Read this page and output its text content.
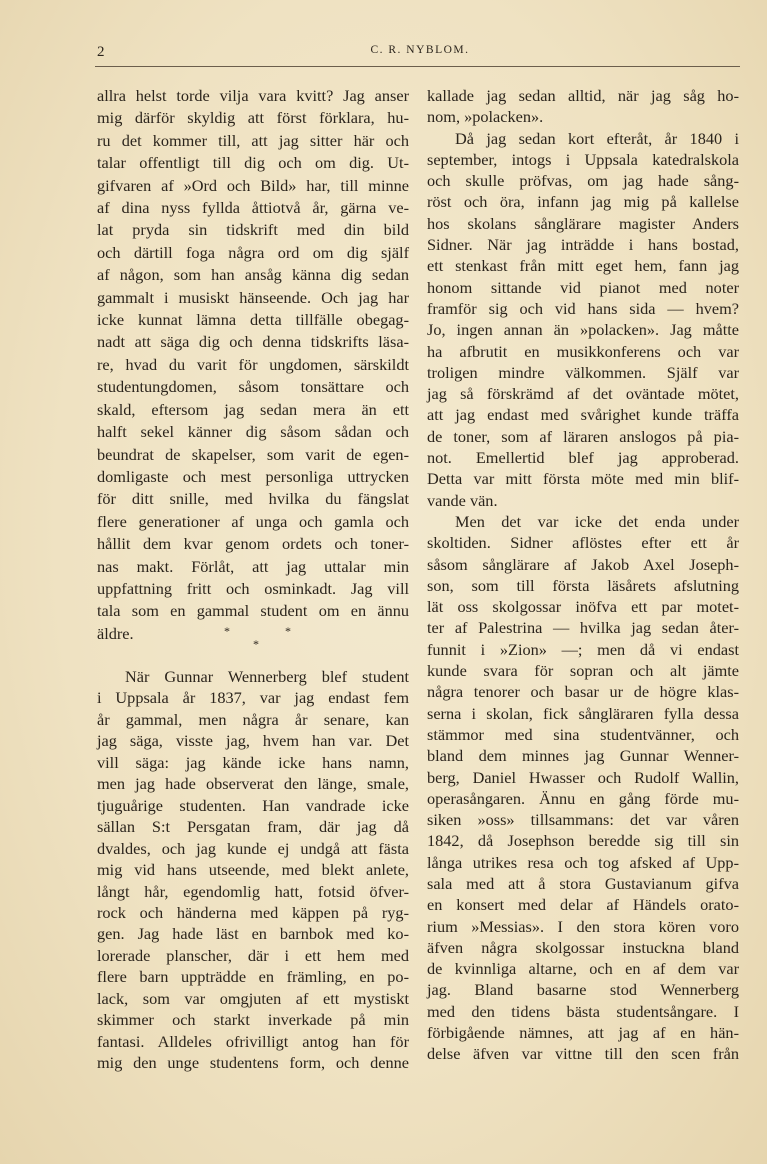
2	C. R. NYBLOM.
allra helst torde vilja vara kvitt? Jag anser
mig därför skyldig att först förklara, hu-
ru det kommer till, att jag sitter här och
talar offentligt till dig och om dig. Ut-
gifvaren af »Ord och Bild» har, till minne
af dina nyss fyllda åttiotvå år, gärna ve-
lat pryda sin tidskrift med din bild
och därtill foga några ord om dig själf
af någon, som han ansåg känna dig sedan
gammalt i musiskt hänseende. Och jag har
icke kunnat lämna detta tillfälle obegag-
nadt att säga dig och denna tidskrifts läsa-
re, hvad du varit för ungdomen, särskildt
studentungdomen, såsom tonsättare och
skald, eftersom jag sedan mera än ett
halft sekel känner dig såsom sådan och
beundrat de skapelser, som varit de egen-
domligaste och mest personliga uttrycken
för ditt snille, med hvilka du fängslat
flere generationer af unga och gamla och
hållit dem kvar genom ordets och toner-
nas makt. Förlåt, att jag uttalar min
uppfattning fritt och osminkadt. Jag vill
tala som en gammal student om en ännu
äldre.	*	*
*
När Gunnar Wennerberg blef student
i Uppsala år 1837, var jag endast fem
år gammal, men några år senare, kan
jag säga, visste jag, hvem han var. Det
vill säga: jag kände icke hans namn,
men jag hade observerat den länge, smale,
tjuguårige studenten. Han vandrade icke
sällan S:t Persgatan fram, där jag då
dvaldes, och jag kunde ej undgå att fästa
mig vid hans utseende, med blekt anlete,
långt hår, egendomlig hatt, fotsid öfver-
rock och händerna med käppen på ryg-
gen. Jag hade läst en barnbok med ko-
lorerade planscher, där i ett hem med
flere barn uppträdde en främling, en po-
lack, som var omgjuten af ett mystiskt
skimmer och starkt inverkade på min
fantasi. Alldeles ofrivilligt antog han för
mig den unge studentens form, och denne
kallade jag sedan alltid, när jag såg ho-
nom, »polacken».
Då jag sedan kort efteråt, år 1840 i
september, intogs i Uppsala katedralskola
och skulle pröfvas, om jag hade sång-
röst och öra, infann jag mig på kallelse
hos skolans sånglärare magister Anders
Sidner. När jag inträdde i hans bostad,
ett stenkast från mitt eget hem, fann jag
honom sittande vid pianot med noter
framför sig och vid hans sida — hvem?
Jo, ingen annan än »polacken». Jag måtte
ha afbrutit en musikkonferens och var
troligen mindre välkommen. Själf var
jag så förskrämd af det oväntade mötet,
att jag endast med svårighet kunde träffa
de toner, som af läraren anslogos på pia-
not. Emellertid blef jag approberad.
Detta var mitt första möte med min blif-
vande vän.
Men det var icke det enda under
skoltiden. Sidner aflöstes efter ett år
såsom sånglärare af Jakob Axel Joseph-
son, som till första läsårets afslutning
lät oss skolgossar inöfva ett par motet-
ter af Palestrina — hvilka jag sedan åter-
funnit i »Zion» —; men då vi endast
kunde svara för sopran och alt jämte
några tenorer och basar ur de högre klas-
serna i skolan, fick sångläraren fylla dessa
stämmor med sina studentvänner, och
bland dem minnes jag Gunnar Wenner-
berg, Daniel Hwasser och Rudolf Wallin,
operasångaren. Ännu en gång förde mu-
siken »oss» tillsammans: det var våren
1842, då Josephson beredde sig till sin
långa utrikes resa och tog afsked af Upp-
sala med att å stora Gustavianum gifva
en konsert med delar af Händels orato-
rium »Messias». I den stora kören voro
äfven några skolgossar instuckna bland
de kvinnliga altarne, och en af dem var
jag. Bland basarne stod Wennerberg
med den tidens bästa studentsångare. I
förbigående nämnes, att jag af en hän-
delse äfven var vittne till den scen från
